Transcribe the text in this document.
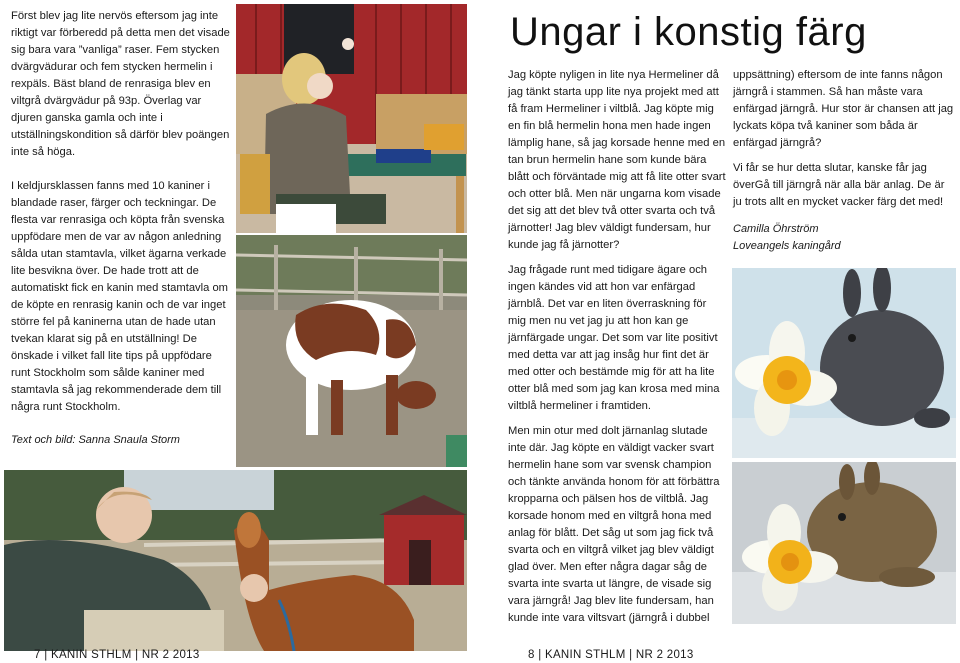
Först blev jag lite nervös eftersom jag inte riktigt var förberedd på detta men det visade sig bara vara ”vanliga” raser. Fem stycken dvärgvädurar och fem stycken hermelin i rexpäls. Bäst bland de renrasiga blev en viltgrå dvärgvädur på 93p. Överlag var djuren ganska gamla och inte i utställningskondition så därför blev poängen inte så höga.

I keldjursklassen fanns med 10 kaniner i blandade raser, färger och teckningar. De flesta var renrasiga och köpta från svenska uppfödare men de var av någon anledning sålda utan stamtavla, vilket ägarna verkade lite besvikna över. De hade trott att de automatiskt fick en kanin med stamtavla om de köpte en renrasig kanin och de var inget större fel på kaninerna utan de hade utan tvekan klarat sig på en utställning! De önskade i vilket fall lite tips på uppfödare runt Stockholm som sålde kaniner med stamtavla så jag rekommenderade dem till några runt Stockholm.

Text och bild: Sanna Snaula Storm
7 | KANIN STHLM | NR 2 2013
Ungar i konstig färg

Jag köpte nyligen in lite nya Hermeliner då jag tänkt starta upp lite nya projekt med att få fram Hermeliner i viltblå. Jag köpte mig en fin blå hermelin hona men hade ingen lämplig hane, så jag korsade henne med en tan brun hermelin hane som kunde bära blått och förväntade mig att få lite otter svart och otter blå. Men när ungarna kom visade det sig att det blev två otter svarta och två järnotter! Jag blev väldigt fundersam, hur kunde jag få järnotter?

Jag frågade runt med tidigare ägare och ingen kändes vid att hon var enfärgad järnblå. Det var en liten överraskning för mig men nu vet jag ju att hon kan ge järnfärgade ungar. Det som var lite positivt med detta var att jag insåg hur fint det är med otter och bestämde mig för att ha lite otter blå med som jag kan krosa med mina viltblå hermeliner i framtiden.

Men min otur med dolt järnanlag slutade inte där. Jag köpte en väldigt vacker svart hermelin hane som var svensk champion och tänkte använda honom för att förbättra kropparna och pälsen hos de viltblå. Jag korsade honom med en viltgrå hona med anlag för blått. Det såg ut som jag fick två svarta och en viltgrå vilket jag blev väldigt glad över. Men efter några dagar såg de svarta inte svarta ut längre, de visade sig vara järngrå! Jag blev lite fundersam, han kunde inte vara viltsvart (järngrå i dubbel

uppsättning) eftersom de inte fanns någon järngrå i stammen. Så han måste vara enfärgad järngrå. Hur stor är chansen att jag lyckats köpa två kaniner som båda är enfärgad järngrå?

Vi får se hur detta slutar, kanske får jag överGå till järngrå när alla bär anlag. De är ju trots allt en mycket vacker färg det med!

Camilla Öhrström

Loveangels kaningård

8 | KANIN STHLM | NR 2 2013
